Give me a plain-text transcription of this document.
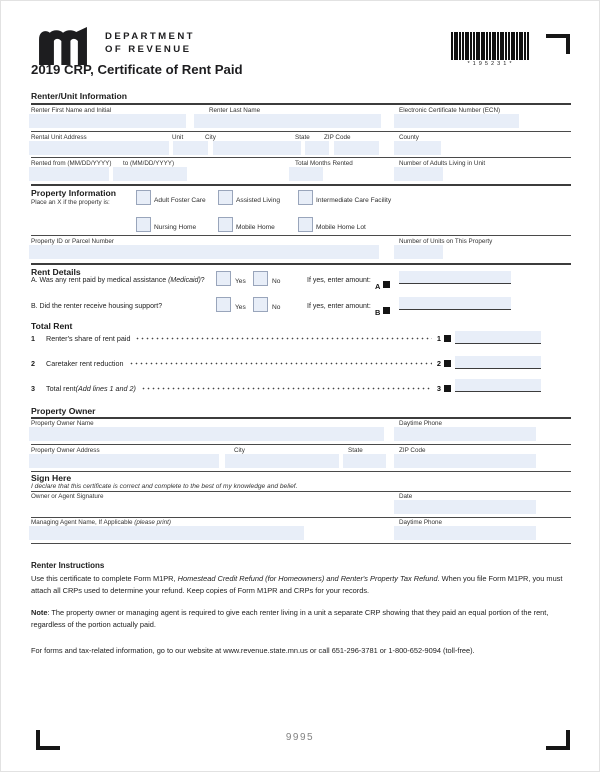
DEPARTMENT
OF REVENUE
2019 CRP, Certificate of Rent Paid	*195231*
Renter/Unit Information
Renter First Name and Initial	Renter Last Name	Electronic Certificate Number (ECN)
Rental Unit Address	Unit	City	State ZIP Code	County
Rented from (MM/DD/YYYY) to (MM/DD/YYYY)	Total Months Rented	Number of Adults Living in Unit
Property Information
Place an X if the property is:	Adult Foster Care	Assisted Living	Intermediate Care Facility
Nursing Home	Mobile Home	Mobile Home Lot
Property ID or Parcel Number	Number of Units on This Property
Rent Details
A. Was any rent paid by medical assistance (Medicaid)?	Yes	No	If yes, enter amount:
A
B. Did the renter receive housing support?	Yes	No	If yes, enter amount:
B
Total Rent
1	Renter's share of rent paid	1
2	Caretaker rent reduction	2
3	Total rent (Add lines 1 and 2)	3
Property Owner
Property Owner Name	Daytime Phone
Property Owner Address	City	State	ZIP Code
Sign Here
I declare that this certificate is correct and complete to the best of my knowledge and belief.
Owner or Agent Signature	Date
Managing Agent Name, If Applicable (please print)	Daytime Phone
Renter Instructions
Use this certificate to complete Form M1PR, Homestead Credit Refund (for Homeowners) and Renter's Property Tax Refund. When you file Form M1PR, you must attach all CRPs used to determine your refund. Keep copies of Form M1PR and CRPs for your records.
Note: The property owner or managing agent is required to give each renter living in a unit a separate CRP showing that they paid an equal portion of the rent, regardless of the portion actually paid.
For forms and tax-related information, go to our website at www.revenue.state.mn.us or call 651-296-3781 or 1-800-652-9094 (toll-free).
9995
